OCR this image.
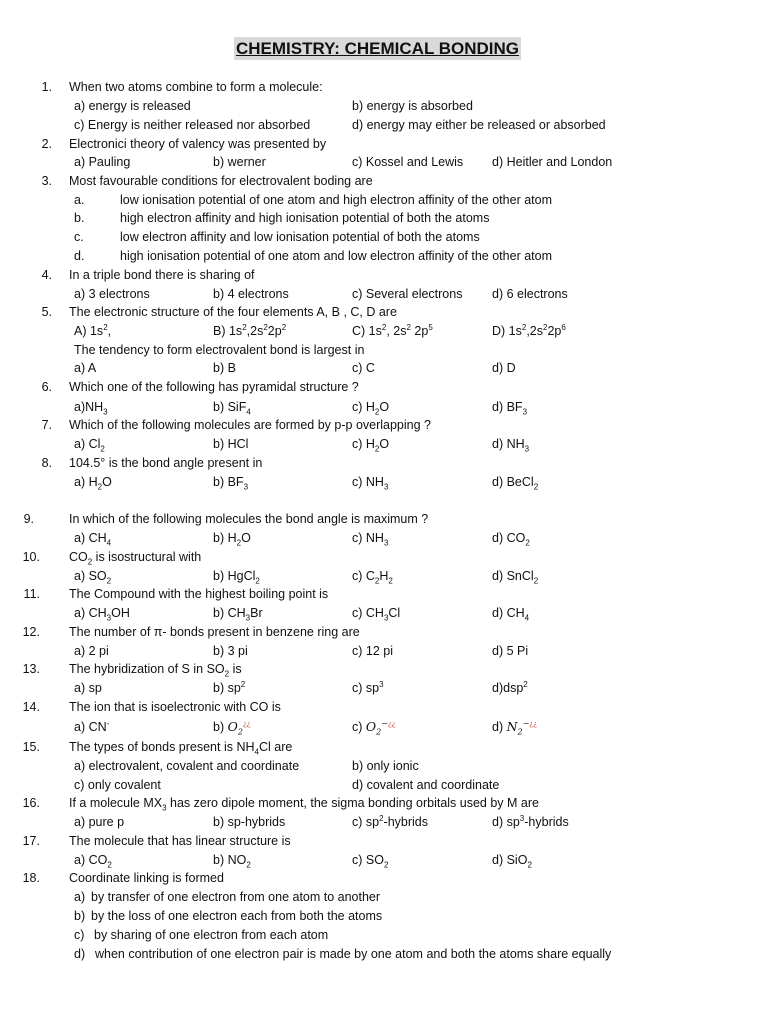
CHEMISTRY: CHEMICAL BONDING
1. When two atoms combine to form a molecule:
a) energy is released	b) energy is absorbed
c) Energy is neither released nor absorbed	d) energy may either be released or absorbed
2. Electronici theory of valency was presented by
a) Pauling	b) werner	c) Kossel and Lewis d) Heitler and London
3. Most favourable conditions for electrovalent boding are
a.	low ionisation potential of one atom and high electron affinity of the other atom
b.	high electron affinity and high ionisation potential of both the atoms
c.	low electron affinity and low ionisation potential of both the atoms
d.	high ionisation potential of one atom and low electron affinity of the other atom
4. In a triple bond there is sharing of
a) 3 electrons	b) 4 electrons	c) Several electrons d) 6 electrons
5. The electronic structure of the four elements A, B , C, D are
A) $1s^2$,	B) $1s^2,2s^22p^2$	C) $1s^2$, $2s^2$ $2p^5$	D) $1s^2,2s^22p^6$
The tendency to form electrovalent bond is largest in
a) A	b) B	c) C	d) D
6. Which one of the following has pyramidal structure ?
$a)NH_3$	b) SiF$_4$	c) $H_2O$	d) $BF_3$
7. Which of the following molecules are formed by p-p overlapping ?
a) $Cl_2$	b) HCl	c) $H_2O$	d) $NH_3$
8. 104.5° is the bond angle present in
a) $H_2O$	b) $BF_3$	c) $NH_3$	d) BeCl$_2$
9.	In which of the following molecules the bond angle is maximum ?
a) $CH_4$	b) $H_2O$	c) $NH_3$	d) $CO_2$
10. $CO_2$ is isostructural with
a) $SO_2$	b) HgCl$_2$	c) $C_2H_2$	d) SnCl$_2$
11. The Compound with the highest boiling point is
a) $CH_3OH$	b) $CH_3Br$	c) $CH_3Cl$	d) $CH_4$
12. The number of π- bonds present in benzene ring are
a) 2 pi	b) 3 pi	c) 12 pi	d) 5 Pi
13. The hybridization of S in $SO_2$ is
a) sp	b) $sp^2$	c) $sp^3$	d)dsp$^2$
14. The ion that is isoelectronic with CO is
a) CN-	b) $O_2^{¿¿}$	c) $O_2^{-¿¿}$	d) $N_2^{-¿¿}$
15. The types of bonds present is $NH_4Cl$ are
a) electrovalent, covalent and coordinate	b) only ionic
c) only covalent	d) covalent and coordinate
16. If a molecule $MX_3$ has zero dipole moment, the sigma bonding orbitals used by M are
a) pure p	b) sp-hybrids	c) $sp^2$-hybrids	d) $sp^3$-hybrids
17. The molecule that has linear structure is
a) $CO_2$	b) $NO_2$	c) $SO_2$	d) SiO$_2$
18. Coordinate linking is formed
a) by transfer of one electron from one atom to another
b) by the loss of one electron each from both the atoms
c) by sharing of one electron from each atom
d) when contribution of one electron pair is made by one atom and both the atoms share equally
